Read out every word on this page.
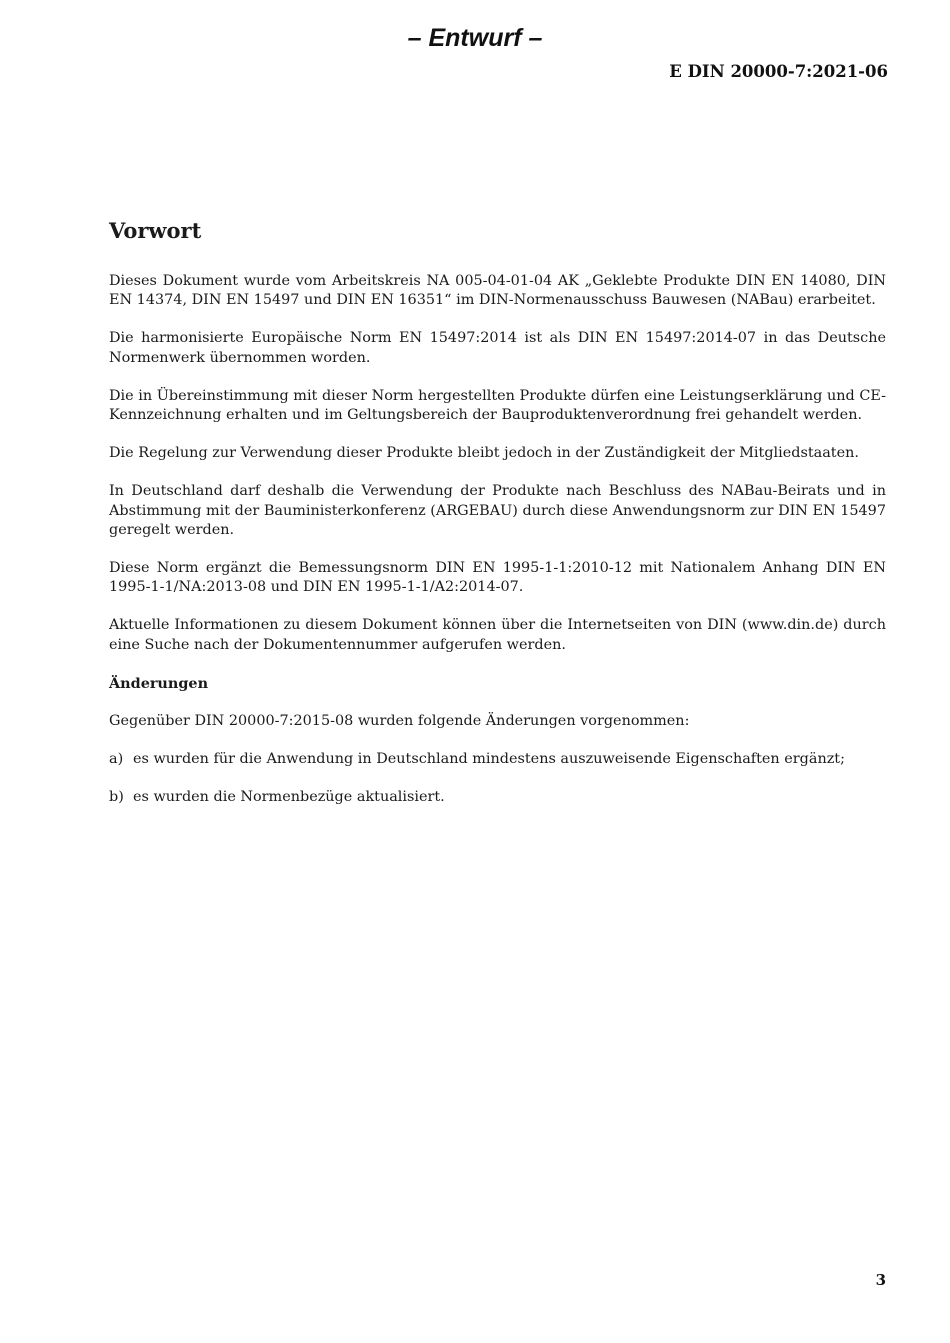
– Entwurf –
E DIN 20000-7:2021-06
Vorwort

Dieses Dokument wurde vom Arbeitskreis NA 005-04-01-04 AK „Geklebte Produkte DIN EN 14080, DIN EN 14374, DIN EN 15497 und DIN EN 16351“ im DIN-Normenausschuss Bauwesen (NABau) erarbeitet.

Die harmonisierte Europäische Norm EN 15497:2014 ist als DIN EN 15497:2014-07 in das Deutsche Normenwerk übernommen worden.

Die in Übereinstimmung mit dieser Norm hergestellten Produkte dürfen eine Leistungserklärung und CE-Kennzeichnung erhalten und im Geltungsbereich der Bauproduktenverordnung frei gehandelt werden.

Die Regelung zur Verwendung dieser Produkte bleibt jedoch in der Zuständigkeit der Mitgliedstaaten.

In Deutschland darf deshalb die Verwendung der Produkte nach Beschluss des NABau-Beirats und in Abstimmung mit der Bauministerkonferenz (ARGEBAU) durch diese Anwendungsnorm zur DIN EN 15497 geregelt werden.

Diese Norm ergänzt die Bemessungsnorm DIN EN 1995-1-1:2010-12 mit Nationalem Anhang DIN EN 1995-1-1/NA:2013-08 und DIN EN 1995-1-1/A2:2014-07.

Aktuelle Informationen zu diesem Dokument können über die Internetseiten von DIN (www.din.de) durch eine Suche nach der Dokumentennummer aufgerufen werden.

Änderungen

Gegenüber DIN 20000-7:2015-08 wurden folgende Änderungen vorgenommen:

a) es wurden für die Anwendung in Deutschland mindestens auszuweisende Eigenschaften ergänzt;
b) es wurden die Normenbezüge aktualisiert.
3
